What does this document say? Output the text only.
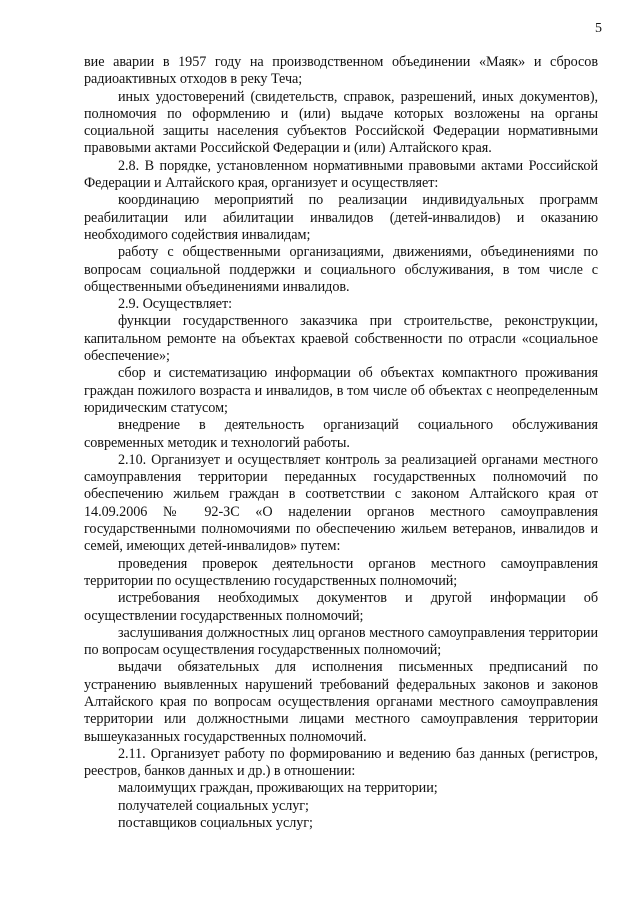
5

вие аварии в 1957 году на производственном объединении «Маяк» и сбросов радиоактивных отходов в реку Теча;

иных удостоверений (свидетельств, справок, разрешений, иных документов), полномочия по оформлению и (или) выдаче которых возложены на органы социальной защиты населения субъектов Российской Федерации нормативными правовыми актами Российской Федерации и (или) Алтайского края.

2.8. В порядке, установленном нормативными правовыми актами Российской Федерации и Алтайского края, организует и осуществляет:

координацию мероприятий по реализации индивидуальных программ реабилитации или абилитации инвалидов (детей-инвалидов) и оказанию необходимого содействия инвалидам;

работу с общественными организациями, движениями, объединениями по вопросам социальной поддержки и социального обслуживания, в том числе с общественными объединениями инвалидов.

2.9. Осуществляет:

функции государственного заказчика при строительстве, реконструкции, капитальном ремонте на объектах краевой собственности по отрасли «социальное обеспечение»;

сбор и систематизацию информации об объектах компактного проживания граждан пожилого возраста и инвалидов, в том числе об объектах с неопределенным юридическим статусом;

внедрение в деятельность организаций социального обслуживания современных методик и технологий работы.

2.10. Организует и осуществляет контроль за реализацией органами местного самоуправления территории переданных государственных полномочий по обеспечению жильем граждан в соответствии с законом Алтайского края от 14.09.2006 № 92-ЗС «О наделении органов местного самоуправления государственными полномочиями по обеспечению жильем ветеранов, инвалидов и семей, имеющих детей-инвалидов» путем:

проведения проверок деятельности органов местного самоуправления территории по осуществлению государственных полномочий;

истребования необходимых документов и другой информации об осуществлении государственных полномочий;

заслушивания должностных лиц органов местного самоуправления территории по вопросам осуществления государственных полномочий;

выдачи обязательных для исполнения письменных предписаний по устранению выявленных нарушений требований федеральных законов и законов Алтайского края по вопросам осуществления органами местного самоуправления территории или должностными лицами местного самоуправления территории вышеуказанных государственных полномочий.

2.11. Организует работу по формированию и ведению баз данных (регистров, реестров, банков данных и др.) в отношении:

малоимущих граждан, проживающих на территории;

получателей социальных услуг;

поставщиков социальных услуг;
